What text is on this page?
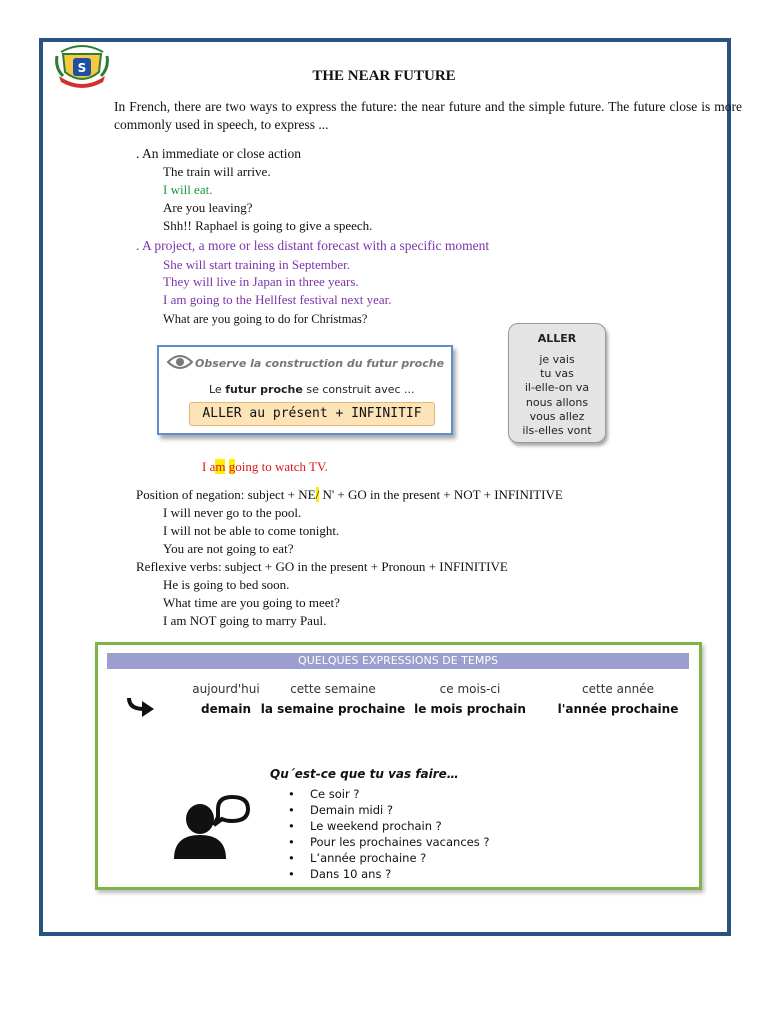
S	THE NEAR FUTURE
In French, there are two ways to express the future: the near future and the simple future. The future close is more commonly used in speech, to express ...
. An immediate or close action
The train will arrive.
I will eat.
Are you leaving?
Shh!! Raphael is going to give a speech.
. A project, a more or less distant forecast with a specific moment
She will start training in September.
They will live in Japan in three years.
I am going to the Hellfest festival next year.
What are you going to do for Christmas?
Observe la construction du futur proche
Le futur proche se construit avec ...
ALLER au présent + INFINITIF
ALLER
je vais
tu vas
il-elle-on va
nous allons
vous allez
ils-elles vont
I am going to watch TV.
Position of negation: subject + NE/ N' + GO in the present + NOT + INFINITIVE
I will never go to the pool.
I will not be able to come tonight.
You are not going to eat?
Reflexive verbs: subject + GO in the present + Pronoun + INFINITIVE
He is going to bed soon.
What time are you going to meet?
I am NOT going to marry Paul.
QUELQUES EXPRESSIONS DE TEMPS
aujourd'hui
demain
cette semaine
la semaine prochaine
ce mois-ci
le mois prochain
cette année
l'année prochaine
Qu´est-ce que tu vas faire…
• Ce soir ?
• Demain midi ?
• Le weekend prochain ?
• Pour les prochaines vacances ?
• L’année prochaine ?
• Dans 10 ans ?
